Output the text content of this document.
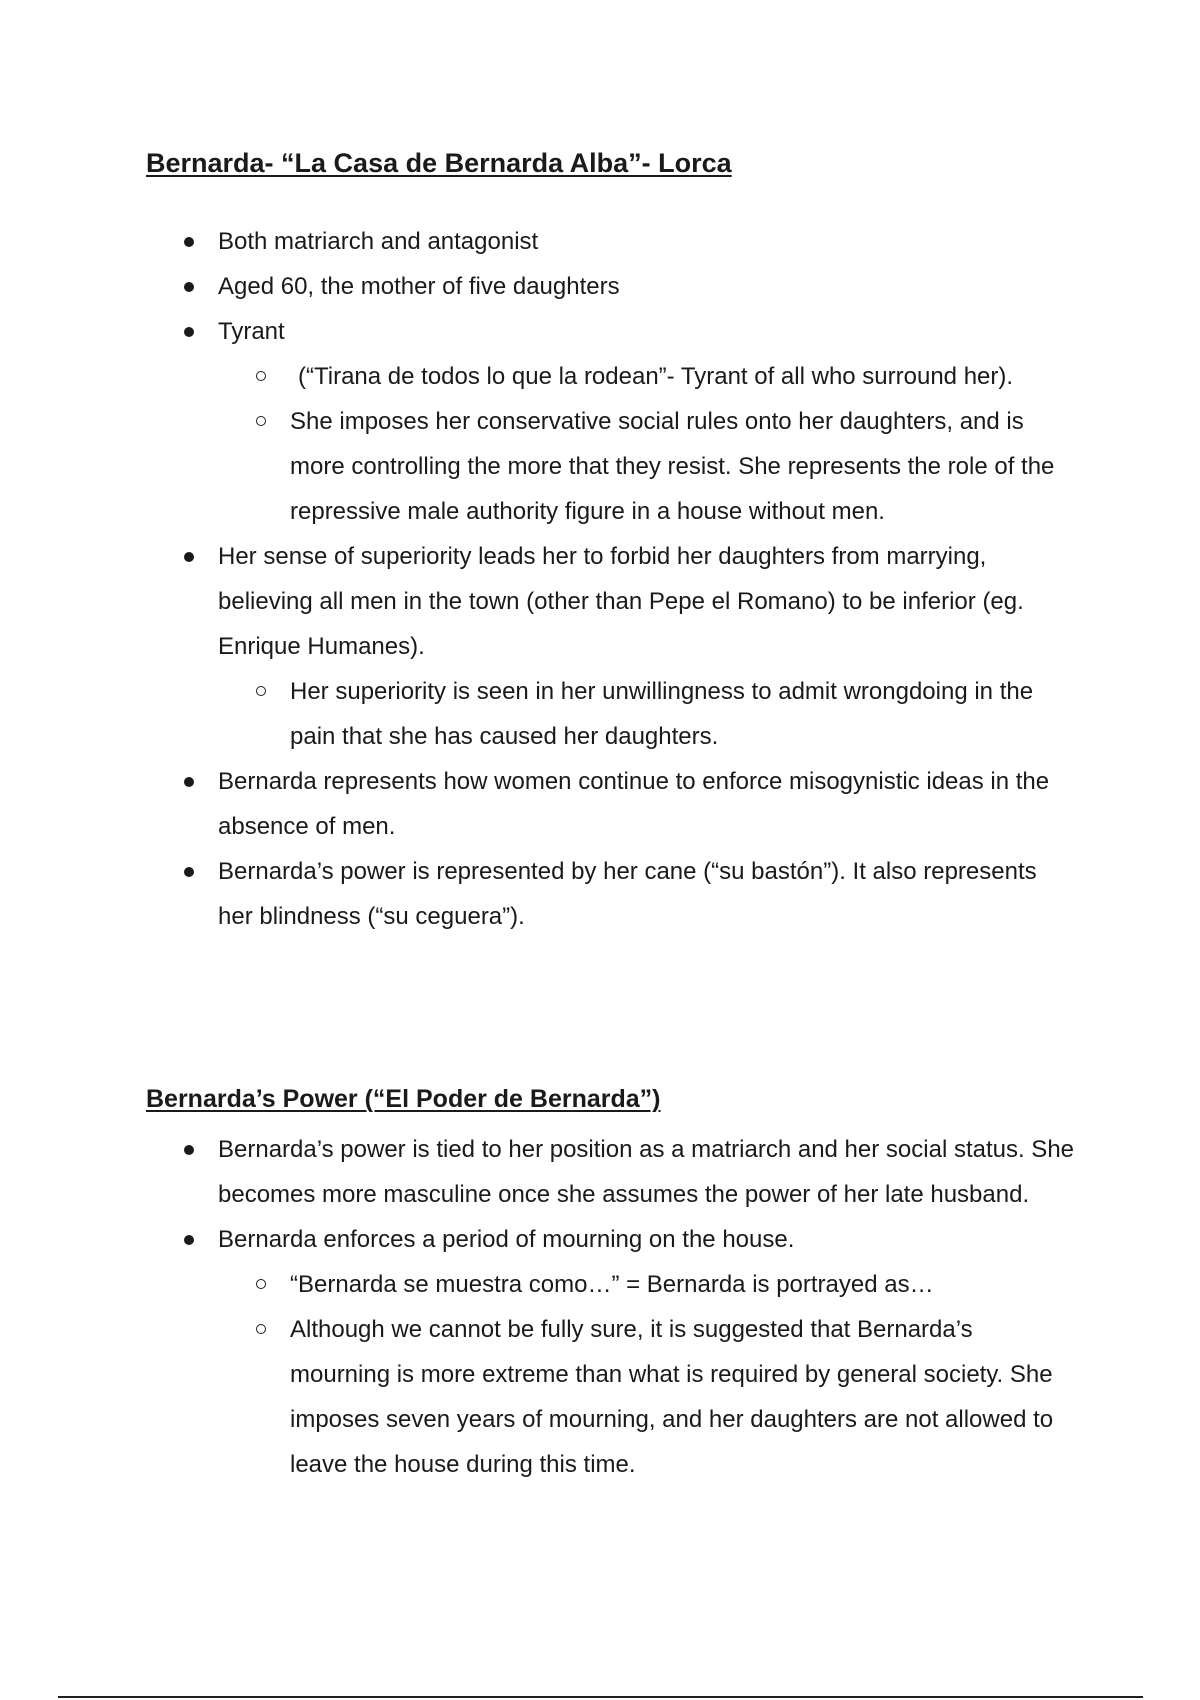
Bernarda- “La Casa de Bernarda Alba”- Lorca
Both matriarch and antagonist
Aged 60, the mother of five daughters
Tyrant
(“Tirana de todos lo que la rodean”- Tyrant of all who surround her).
She imposes her conservative social rules onto her daughters, and is more controlling the more that they resist. She represents the role of the repressive male authority figure in a house without men.
Her sense of superiority leads her to forbid her daughters from marrying, believing all men in the town (other than Pepe el Romano) to be inferior (eg. Enrique Humanes).
Her superiority is seen in her unwillingness to admit wrongdoing in the pain that she has caused her daughters.
Bernarda represents how women continue to enforce misogynistic ideas in the absence of men.
Bernarda’s power is represented by her cane (“su bastón”). It also represents her blindness (“su ceguera”).
Bernarda’s Power (“El Poder de Bernarda”)
Bernarda’s power is tied to her position as a matriarch and her social status. She becomes more masculine once she assumes the power of her late husband.
Bernarda enforces a period of mourning on the house.
“Bernarda se muestra como…” = Bernarda is portrayed as…
Although we cannot be fully sure, it is suggested that Bernarda’s mourning is more extreme than what is required by general society. She imposes seven years of mourning, and her daughters are not allowed to leave the house during this time.
